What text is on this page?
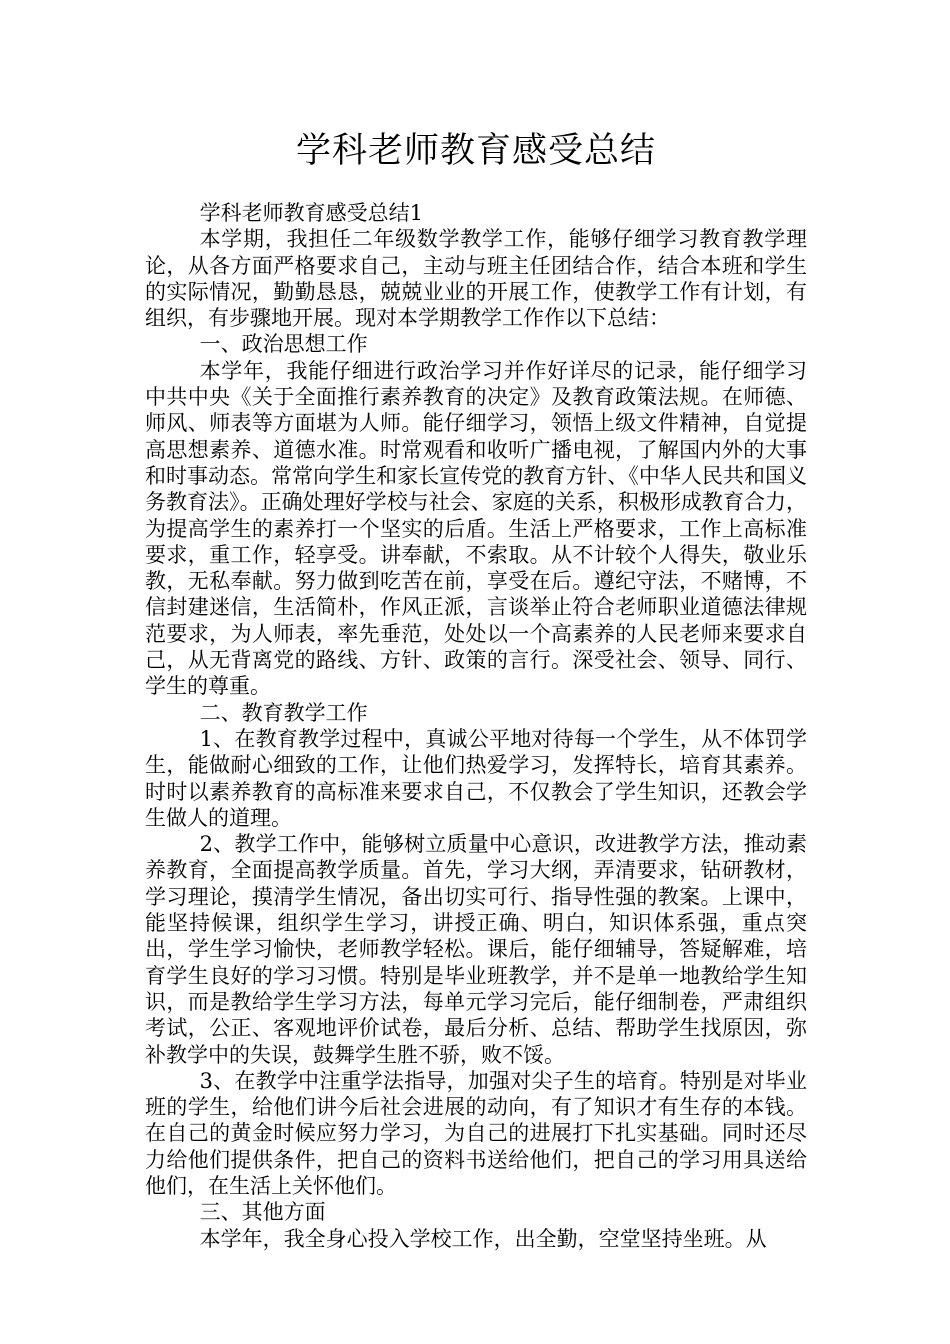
学科老师教育感受总结

学科老师教育感受总结1

本学期，我担任二年级数学教学工作，能够仔细学习教育教学理论，从各方面严格要求自己，主动与班主任团结合作，结合本班和学生的实际情况，勤勤恳恳，兢兢业业的开展工作，使教学工作有计划，有组织，有步骤地开展。现对本学期教学工作作以下总结：

一、政治思想工作

本学年，我能仔细进行政治学习并作好详尽的记录，能仔细学习中共中央《关于全面推行素养教育的决定》及教育政策法规。在师德、师风、师表等方面堪为人师。能仔细学习，领悟上级文件精神，自觉提高思想素养、道德水准。时常观看和收听广播电视，了解国内外的大事和时事动态。常常向学生和家长宣传党的教育方针、《中华人民共和国义务教育法》。正确处理好学校与社会、家庭的关系，积极形成教育合力，为提高学生的素养打一个坚实的后盾。生活上严格要求，工作上高标准要求，重工作，轻享受。讲奉献，不索取。从不计较个人得失，敬业乐教，无私奉献。努力做到吃苦在前，享受在后。遵纪守法，不赌博，不信封建迷信，生活简朴，作风正派，言谈举止符合老师职业道德法律规范要求，为人师表，率先垂范，处处以一个高素养的人民老师来要求自己，从无背离党的路线、方针、政策的言行。深受社会、领导、同行、学生的尊重。

二、教育教学工作

1、在教育教学过程中，真诚公平地对待每一个学生，从不体罚学生，能做耐心细致的工作，让他们热爱学习，发挥特长，培育其素养。时时以素养教育的高标准来要求自己，不仅教会了学生知识，还教会学生做人的道理。

2、教学工作中，能够树立质量中心意识，改进教学方法，推动素养教育，全面提高教学质量。首先，学习大纲，弄清要求，钻研教材，学习理论，摸清学生情况，备出切实可行、指导性强的教案。上课中，能坚持候课，组织学生学习，讲授正确、明白，知识体系强，重点突出，学生学习愉快，老师教学轻松。课后，能仔细辅导，答疑解难，培育学生良好的学习习惯。特别是毕业班教学，并不是单一地教给学生知识，而是教给学生学习方法，每单元学习完后，能仔细制卷，严肃组织考试，公正、客观地评价试卷，最后分析、总结、帮助学生找原因，弥补教学中的失误，鼓舞学生胜不骄，败不馁。

3、在教学中注重学法指导，加强对尖子生的培育。特别是对毕业班的学生，给他们讲今后社会进展的动向，有了知识才有生存的本钱。在自己的黄金时候应努力学习，为自己的进展打下扎实基础。同时还尽力给他们提供条件，把自己的资料书送给他们，把自己的学习用具送给他们，在生活上关怀他们。

三、其他方面

本学年，我全身心投入学校工作，出全勤，空堂坚持坐班。从
